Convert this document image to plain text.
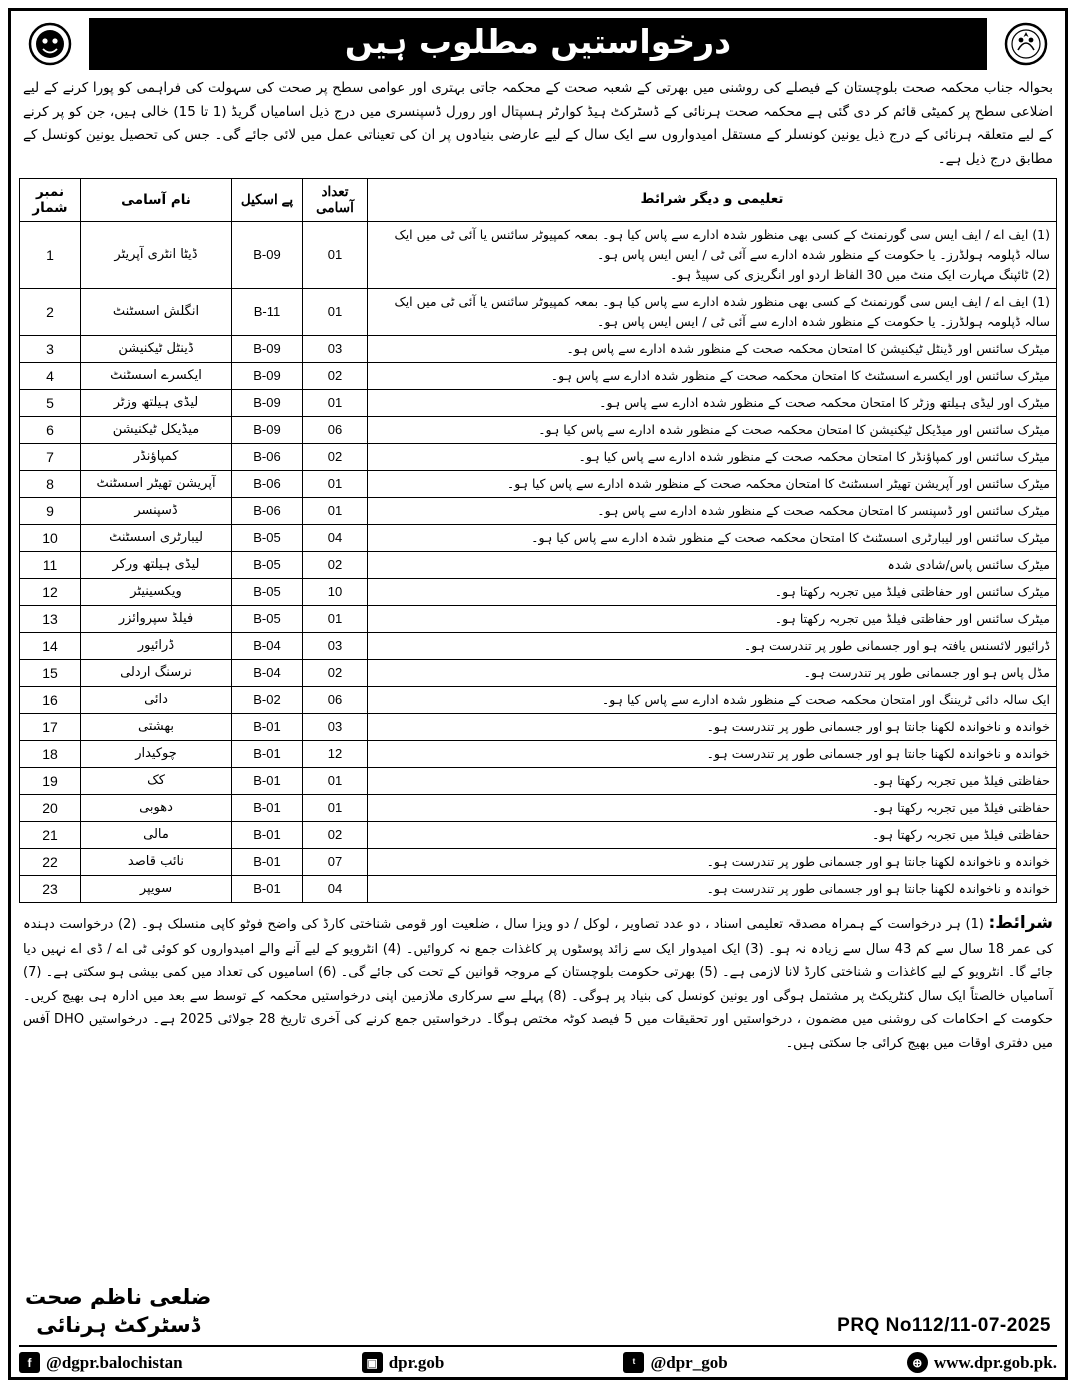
درخواستیں مطلوب ہیں
بحوالہ جناب محکمہ صحت بلوچستان کے فیصلے کی روشنی میں بھرتی کے شعبہ صحت کے محکمہ جاتی بہتری اور عوامی سطح پر صحت کی سہولت کی فراہمی کو پورا کرنے کے لیے اضلاعی سطح پر کمیٹی قائم کر دی گئی ہے محکمہ صحت ہرنائی کے ڈسٹرکٹ ہیڈ کوارٹر ہسپتال اور رورل ڈسپنسری میں درج ذیل اسامیاں گریڈ (1 تا 15) خالی ہیں، جن کو پر کرنے کے لیے متعلقہ ہرنائی کے درج ذیل یونین کونسلر کے مستقل امیدواروں سے ایک سال کے لیے عارضی بنیادوں پر ان کی تعیناتی عمل میں لائی جائے گی۔ جس کی تحصیل یونین کونسل کے مطابق درج ذیل ہے۔
تعلیمی و دیگر شرائط	تعداد آسامی	پے اسکیل	نام آسامی	نمبر شمار

(1) ایف اے / ایف ایس سی گورنمنٹ کے کسی بھی منظور شدہ ادارے سے پاس کیا ہو۔ بمعہ کمپیوٹر سائنس یا آئی ٹی میں ایک سالہ ڈپلومہ ہولڈرز۔ یا حکومت کے منظور شدہ ادارے سے آئی ٹی / ایس ایس پاس ہو۔
(2) ٹائپنگ مہارت ایک منٹ میں 30 الفاظ اردو اور انگریزی کی سپیڈ ہو۔	01	B-09	ڈیٹا انٹری آپریٹر	1

(1) ایف اے / ایف ایس سی گورنمنٹ کے کسی بھی منظور شدہ ادارے سے پاس کیا ہو۔ بمعہ کمپیوٹر سائنس یا آئی ٹی میں ایک سالہ ڈپلومہ ہولڈرز۔ یا حکومت کے منظور شدہ ادارے سے آئی ٹی / ایس ایس پاس ہو۔	01	B-11	انگلش اسسٹنٹ	2

میٹرک سائنس اور ڈینٹل ٹیکنیشن کا امتحان محکمہ صحت کے منظور شدہ ادارے سے پاس ہو۔	03	B-09	ڈینٹل ٹیکنیشن	3

میٹرک سائنس اور ایکسرے اسسٹنٹ کا امتحان محکمہ صحت کے منظور شدہ ادارے سے پاس ہو۔	02	B-09	ایکسرے اسسٹنٹ	4

میٹرک اور لیڈی ہیلتھ وزٹر کا امتحان محکمہ صحت کے منظور شدہ ادارے سے پاس ہو۔	01	B-09	لیڈی ہیلتھ وزٹر	5

میٹرک سائنس اور میڈیکل ٹیکنیشن کا امتحان محکمہ صحت کے منظور شدہ ادارے سے پاس کیا ہو۔	06	B-09	میڈیکل ٹیکنیشن	6

میٹرک سائنس اور کمپاؤنڈر کا امتحان محکمہ صحت کے منظور شدہ ادارے سے پاس کیا ہو۔	02	B-06	کمپاؤنڈر	7

میٹرک سائنس اور آپریشن تھیٹر اسسٹنٹ کا امتحان محکمہ صحت کے منظور شدہ ادارے سے پاس کیا ہو۔	01	B-06	آپریشن تھیٹر اسسٹنٹ	8

میٹرک سائنس اور ڈسپنسر کا امتحان محکمہ صحت کے منظور شدہ ادارے سے پاس ہو۔	01	B-06	ڈسپنسر	9

میٹرک سائنس اور لیبارٹری اسسٹنٹ کا امتحان محکمہ صحت کے منظور شدہ ادارے سے پاس کیا ہو۔	04	B-05	لیبارٹری اسسٹنٹ	10

میٹرک سائنس پاس/شادی شدہ	02	B-05	لیڈی ہیلتھ ورکر	11

میٹرک سائنس اور حفاظتی فیلڈ میں تجربہ رکھتا ہو۔	10	B-05	ویکسینیٹر	12

میٹرک سائنس اور حفاظتی فیلڈ میں تجربہ رکھتا ہو۔	01	B-05	فیلڈ سپروائزر	13

ڈرائیور لائسنس یافتہ ہو اور جسمانی طور پر تندرست ہو۔	03	B-04	ڈرائیور	14

مڈل پاس ہو اور جسمانی طور پر تندرست ہو۔	02	B-04	نرسنگ اردلی	15

ایک سالہ دائی ٹریننگ اور امتحان محکمہ صحت کے منظور شدہ ادارے سے پاس کیا ہو۔	06	B-02	دائی	16

خواندہ و ناخواندہ لکھنا جانتا ہو اور جسمانی طور پر تندرست ہو۔	03	B-01	بھشتی	17

خواندہ و ناخواندہ لکھنا جانتا ہو اور جسمانی طور پر تندرست ہو۔	12	B-01	چوکیدار	18

حفاظتی فیلڈ میں تجربہ رکھتا ہو۔	01	B-01	کک	19

حفاظتی فیلڈ میں تجربہ رکھتا ہو۔	01	B-01	دھوبی	20

حفاظتی فیلڈ میں تجربہ رکھتا ہو۔	02	B-01	مالی	21

خواندہ و ناخواندہ لکھنا جانتا ہو اور جسمانی طور پر تندرست ہو۔	07	B-01	نائب قاصد	22

خواندہ و ناخواندہ لکھنا جانتا ہو اور جسمانی طور پر تندرست ہو۔	04	B-01	سویپر	23
شرائط: (1) ہر درخواست کے ہمراہ مصدقہ تعلیمی اسناد ، دو عدد تصاویر ، لوکل / دو ویزا سال ، ضلعیت اور قومی شناختی کارڈ کی واضح فوٹو کاپی منسلک ہو۔ (2) درخواست دہندہ کی عمر 18 سال سے کم 43 سال سے زیادہ نہ ہو۔ (3) ایک امیدوار ایک سے زائد پوسٹوں پر کاغذات جمع نہ کروائیں۔ (4) انٹرویو کے لیے آنے والے امیدواروں کو کوئی ٹی اے / ڈی اے نہیں دیا جائے گا۔ انٹرویو کے لیے کاغذات و شناختی کارڈ لانا لازمی ہے۔ (5) بھرتی حکومت بلوچستان کے مروجہ قوانین کے تحت کی جائے گی۔ (6) اسامیوں کی تعداد میں کمی بیشی ہو سکتی ہے۔ (7) آسامیاں خالصتاً ایک سال کنٹریکٹ پر مشتمل ہوگی اور یونین کونسل کی بنیاد پر ہوگی۔ (8) پہلے سے سرکاری ملازمین اپنی درخواستیں محکمہ کے توسط سے بعد میں ادارہ ہی بھیج کریں۔ حکومت کے احکامات کی روشنی میں مضمون ، درخواستیں اور تحقیقات میں 5 فیصد کوٹہ مختص ہوگا۔ درخواستیں جمع کرنے کی آخری تاریخ 28 جولائی 2025 ہے۔ درخواستیں DHO آفس میں دفتری اوقات میں بھیج کرائی جا سکتی ہیں۔
PRQ No112/11-07-2025
ضلعی ناظم صحت
ڈسٹرکٹ ہرنائی
⊕ www.dpr.gob.pk.
ᵗ @dpr_gob
▣ dpr.gob
f @dgpr.balochistan
